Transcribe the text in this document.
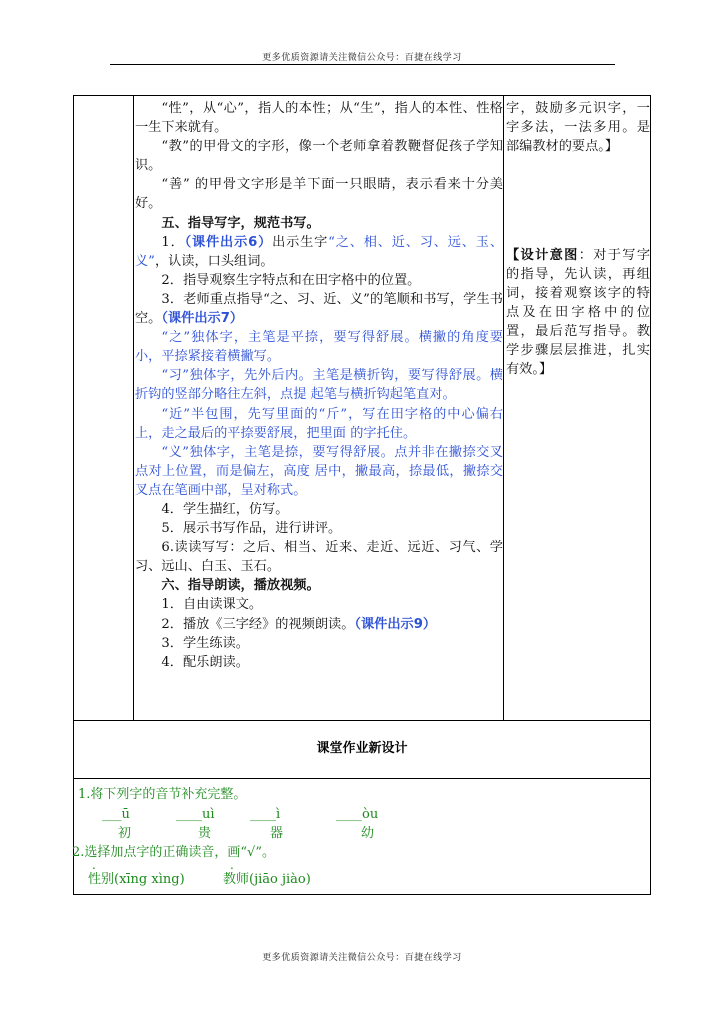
更多优质资源请关注微信公众号：百捷在线学习

“性”，从“心”，指人的本性；从“生”，指人的本性、性格 一生下来就有。

“教”的甲骨文的字形，像一个老师拿着教鞭督促孩子学知识。

“善” 的甲骨文字形是羊下面一只眼睛，表示看来十分美好。

五、指导写字，规范书写。

1．（课件出示6）出示生字“之、相、近、习、远、玉、义”，认读，口头组词。

2．指导观察生字特点和在田字格中的位置。

3．老师重点指导“之、习、近、义”的笔顺和书写，学生书空。（课件出示7）

“之”独体字，主笔是平捺，要写得舒展。横撇的角度要小，平捺紧接着横撇写。

“习”独体字，先外后内。主笔是横折钩，要写得舒展。横折钩的竖部分略往左斜，点提 起笔与横折钩起笔直对。

“近”半包围，先写里面的“斤”，写在田字格的中心偏右上，走之最后的平捺要舒展，把里面 的字托住。

“义”独体字，主笔是捺，要写得舒展。点并非在撇捺交叉点对上位置，而是偏左，高度 居中，撇最高，捺最低，撇捺交叉点在笔画中部，呈对称式。

4．学生描红，仿写。

5．展示书写作品，进行讲评。

6.读读写写：之后、相当、近来、走近、远近、习气、学习、远山、白玉、玉石。

六、指导朗读，播放视频。

1．自由读课文。

2．播放《三字经》的视频朗读。（课件出示9）

3．学生练读。

4．配乐朗读。

字，鼓励多元识字，一字多法，一法多用。是部编教材的要点。】
【设计意图：对于写字的指导，先认读，再组词，接着观察该字的特点及在田字格中的位置，最后范写指导。教学步骤层层推进，扎实有效。】
课堂作业新设计
1.将下列字的音节补充完整。
___ū	____uì	____ì	____òu
初	贵	器	幼
2.选择加点字的正确读音，画“√”。
.	.
性别(xīng xìng)	教师(jiāo jiào)
更多优质资源请关注微信公众号：百捷在线学习
